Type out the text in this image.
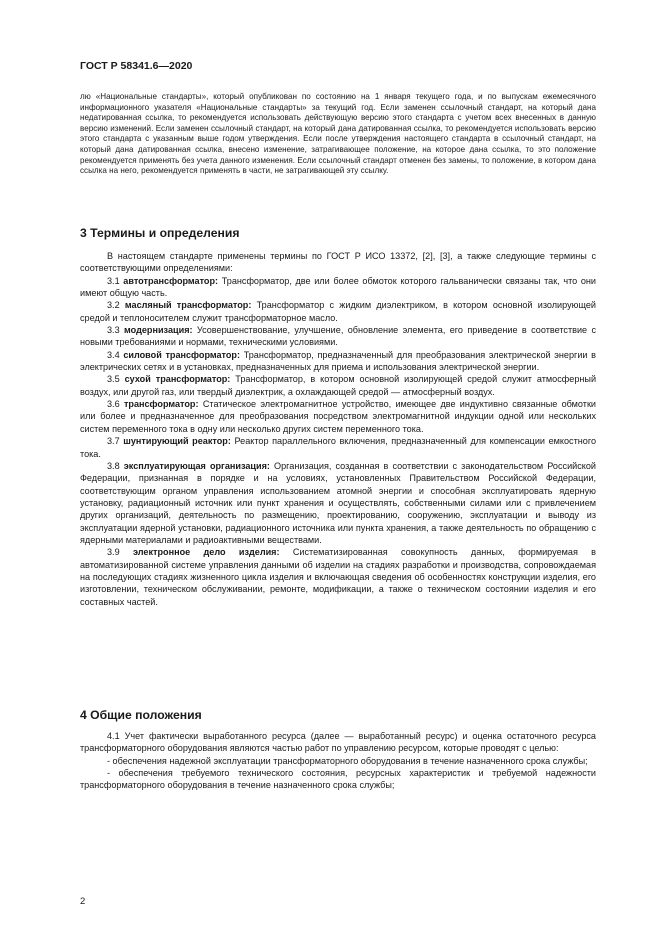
ГОСТ Р 58341.6—2020

лю «Национальные стандарты», который опубликован по состоянию на 1 января текущего года, и по выпускам ежемесячного информационного указателя «Национальные стандарты» за текущий год. Если заменен ссылочный стандарт, на который дана недатированная ссылка, то рекомендуется использовать действующую версию этого стандарта с учетом всех внесенных в данную версию изменений. Если заменен ссылочный стандарт, на который дана датированная ссылка, то рекомендуется использовать версию этого стандарта с указанным выше годом утверждения. Если после утверждения настоящего стандарта в ссылочный стандарт, на который дана датированная ссылка, внесено изменение, затрагивающее положение, на которое дана ссылка, то это положение рекомендуется применять без учета данного изменения. Если ссылочный стандарт отменен без замены, то положение, в котором дана ссылка на него, рекомендуется применять в части, не затрагивающей эту ссылку.

3 Термины и определения

В настоящем стандарте применены термины по ГОСТ Р ИСО 13372, [2], [3], а также следующие термины с соответствующими определениями:

3.1 автотрансформатор: Трансформатор, две или более обмоток которого гальванически связаны так, что они имеют общую часть.

3.2 масляный трансформатор: Трансформатор с жидким диэлектриком, в котором основной изолирующей средой и теплоносителем служит трансформаторное масло.

3.3 модернизация: Усовершенствование, улучшение, обновление элемента, его приведение в соответствие с новыми требованиями и нормами, техническими условиями.

3.4 силовой трансформатор: Трансформатор, предназначенный для преобразования электрической энергии в электрических сетях и в установках, предназначенных для приема и использования электрической энергии.

3.5 сухой трансформатор: Трансформатор, в котором основной изолирующей средой служит атмосферный воздух, или другой газ, или твердый диэлектрик, а охлаждающей средой — атмосферный воздух.

3.6 трансформатор: Статическое электромагнитное устройство, имеющее две индуктивно связанные обмотки или более и предназначенное для преобразования посредством электромагнитной индукции одной или нескольких систем переменного тока в одну или несколько других систем переменного тока.

3.7 шунтирующий реактор: Реактор параллельного включения, предназначенный для компенсации емкостного тока.

3.8 эксплуатирующая организация: Организация, созданная в соответствии с законодательством Российской Федерации, признанная в порядке и на условиях, установленных Правительством Российской Федерации, соответствующим органом управления использованием атомной энергии и способная эксплуатировать ядерную установку, радиационный источник или пункт хранения и осуществлять, собственными силами или с привлечением других организаций, деятельность по размещению, проектированию, сооружению, эксплуатации и выводу из эксплуатации ядерной установки, радиационного источника или пункта хранения, а также деятельность по обращению с ядерными материалами и радиоактивными веществами.

3.9 электронное дело изделия: Систематизированная совокупность данных, формируемая в автоматизированной системе управления данными об изделии на стадиях разработки и производства, сопровождаемая на последующих стадиях жизненного цикла изделия и включающая сведения об особенностях конструкции изделия, его изготовлении, техническом обслуживании, ремонте, модификации, а также о техническом состоянии изделия и его составных частей.

4 Общие положения

4.1 Учет фактически выработанного ресурса (далее — выработанный ресурс) и оценка остаточного ресурса трансформаторного оборудования являются частью работ по управлению ресурсом, которые проводят с целью:

- обеспечения надежной эксплуатации трансформаторного оборудования в течение назначенного срока службы;

- обеспечения требуемого технического состояния, ресурсных характеристик и требуемой надежности трансформаторного оборудования в течение назначенного срока службы;

2
